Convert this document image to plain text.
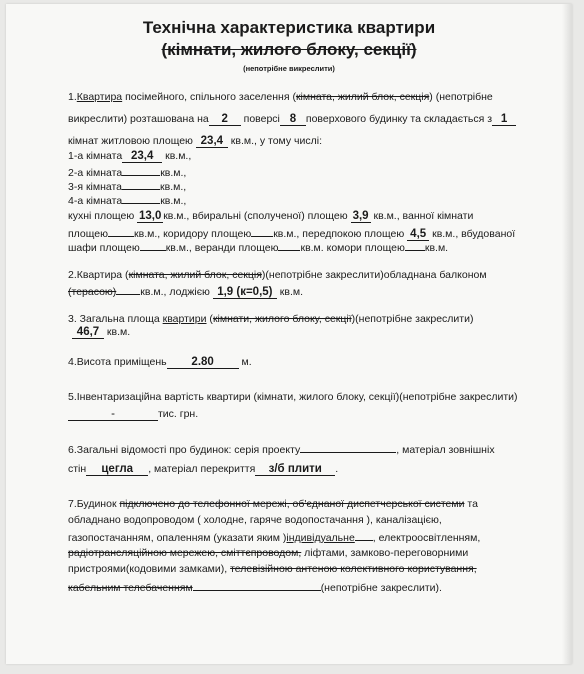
Технічна характеристика квартири
(кімнати, жилого блоку, секції)
(непотрібне викреслити)
1.Квартира посімейного, спільного заселення (кімната, жилий блок, секція) (непотрібне
викреслити) розташована на 2 поверсі 8 поверхового будинку та складається з 1
кімнат житловою площею 23,4 кв.м., у тому числі:
1-а кімната 23,4 кв.м.,
2-а кімната	кв.м.,
3-я кімната	кв.м.,
4-а кімната	кв.м.,
кухні площею 13,0 кв.м., вбиральні (сполученої) площею 3,9 кв.м., ванної кімнати
площею кв.м., коридору площею кв.м., передпокою площею 4,5 кв.м., вбудованої
шафи площею кв.м., веранди площею кв.м. комори площею кв.м.
2.Квартира (кімната, жилий блок, секція)(непотрібне закреслити)обладнана балконом
(терасою) кв.м., лоджією 1,9 (к=0,5) кв.м.
3. Загальна площа квартири (кімнати, жилого блоку, секції)(непотрібне закреслити)
46,7 кв.м.
4.Висота приміщень 2.80	м.
5.Інвентаризаційна вартість квартири (кімнати, жилого блоку, секції)(непотрібне закреслити)
-	тис. грн.
6.Загальні відомості про будинок: серія проекту	, матеріал зовнішніх
стін цегла , матеріал перекриття з/б плити .
7.Будинок підключено до телефонної мережі, об'єднаної диспетчерської системи та
обладнано водопроводом ( холодне, гаряче водопостачання ), каналізацією,
газопостачанням, опаленням (указати яким )індивідуальне , електроосвітленням,
радіотрансляційною мережею, сміттєпроводом, ліфтами, замково-переговорними
пристроями(кодовими замками), телевізійною антеною колективного користування,
кабельним телебаченням	(непотрібне закреслити).
